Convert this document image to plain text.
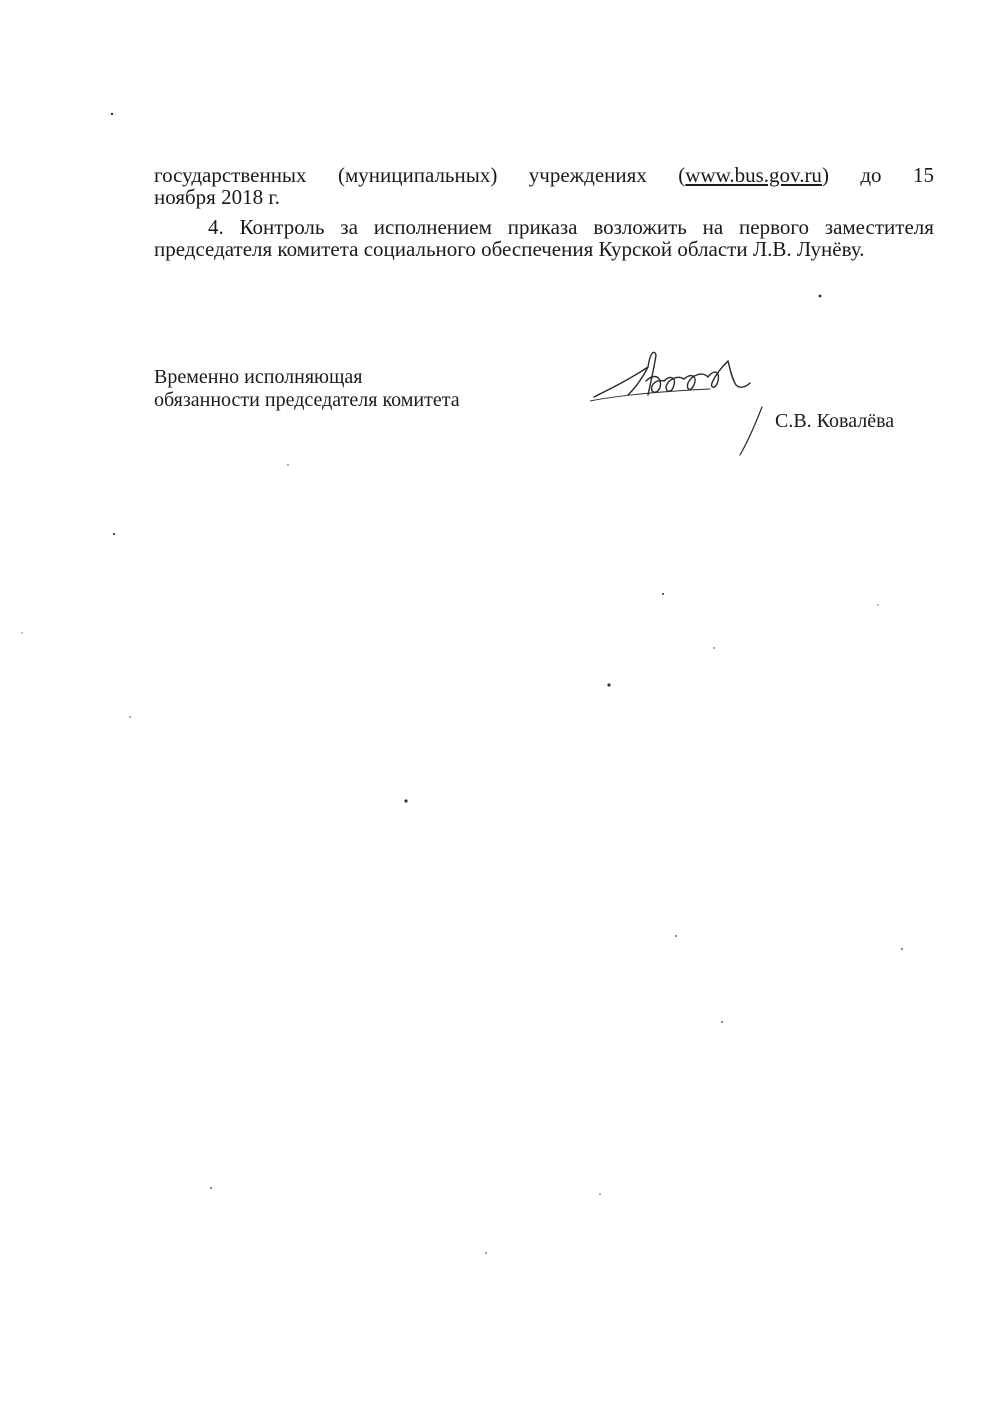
государственных (муниципальных) учреждениях (www.bus.gov.ru) до 15
ноября 2018 г.
4. Контроль за исполнением приказа возложить на первого заместителя
председателя комитета социального обеспечения Курской области Л.В. Лунёву.
Временно исполняющая
обязанности председателя комитета
Ковал
С.В. Ковалёва
